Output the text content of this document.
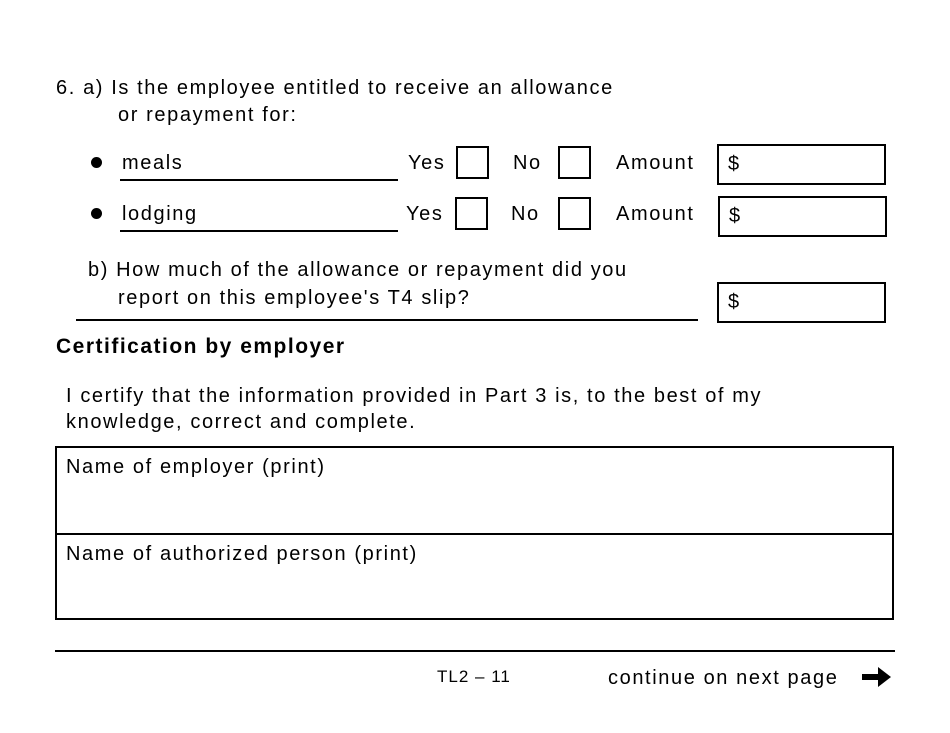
6. a) Is the employee entitled to receive an allowance
or repayment for:
meals	Yes	No	Amount $
lodging	Yes	No	Amount $
b) How much of the allowance or repayment did you
report on this employee's T4 slip?	$
Certification by employer
I certify that the information provided in Part 3 is, to the best of my
knowledge, correct and complete.
Name of employer (print)
Name of authorized person (print)
TL2 – 11	continue on next page
